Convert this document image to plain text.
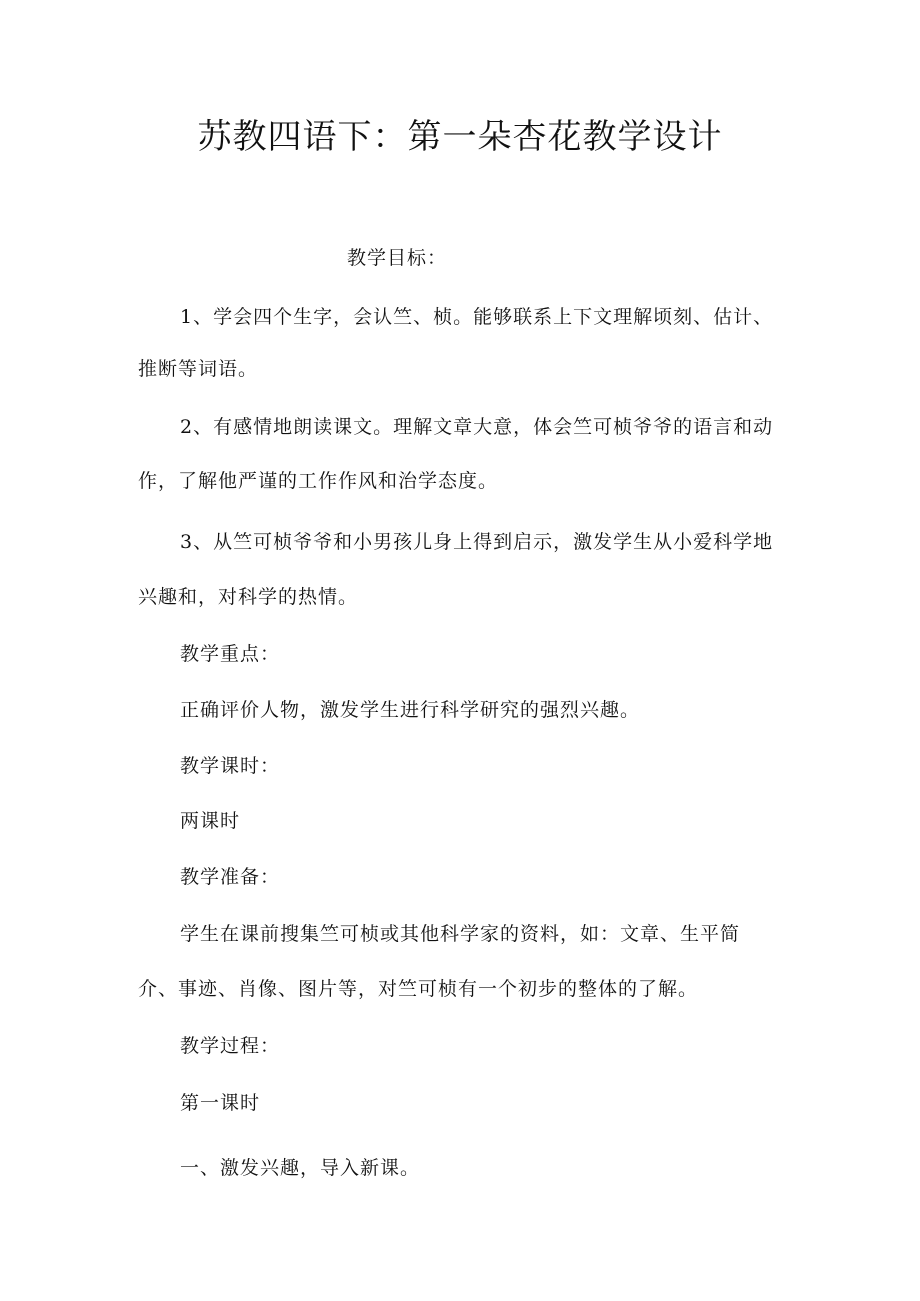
苏教四语下：第一朵杏花教学设计
教学目标：
1、学会四个生字，会认竺、桢。能够联系上下文理解顷刻、估计、
推断等词语。
2、有感情地朗读课文。理解文章大意，体会竺可桢爷爷的语言和动
作，了解他严谨的工作作风和治学态度。
3、从竺可桢爷爷和小男孩儿身上得到启示，激发学生从小爱科学地
兴趣和，对科学的热情。
教学重点：
正确评价人物，激发学生进行科学研究的强烈兴趣。
教学课时：
两课时
教学准备：
学生在课前搜集竺可桢或其他科学家的资料，如：文章、生平简
介、事迹、肖像、图片等，对竺可桢有一个初步的整体的了解。
教学过程：
第一课时
一、激发兴趣，导入新课。
